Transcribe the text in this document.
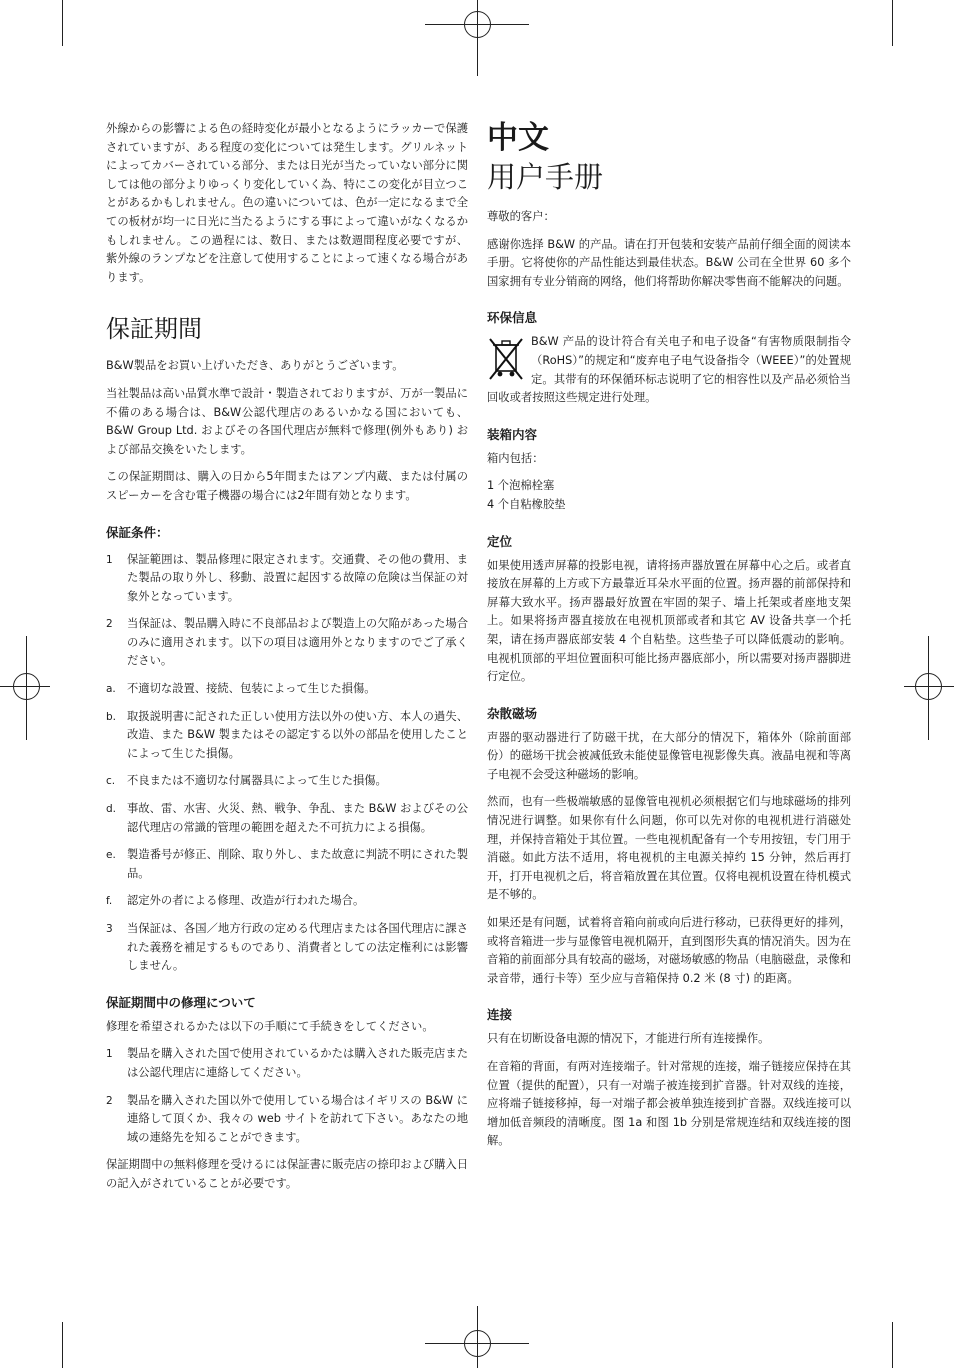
外線からの影響による色の経時変化が最小となるようにラッカーで保護されていますが、ある程度の変化については発生します。グリルネットによってカバーされている部分、または日光が当たっていない部分に関しては他の部分よりゆっくり変化していく為、特にこの変化が目立つことがあるかもしれません。色の違いについては、色が一定になるまで全ての板材が均一に日光に当たるようにする事によって違いがなくなるかもしれません。この過程には、数日、または数週間程度必要ですが、紫外線のランプなどを注意して使用することによって速くなる場合があります。

保証期間

B&W製品をお買い上げいただき、ありがとうございます。

当社製品は高い品質水準で設計・製造されておりますが、万が一製品に不備のある場合は、B&W公認代理店のあるいかなる国においても、B&W Group Ltd. およびその各国代理店が無料で修理(例外もあり) および部品交換をいたします。

この保証期間は、購入の日から5年間またはアンプ内蔵、または付属のスピーカーを含む電子機器の場合には2年間有効となります。

保証条件：
1	保証範囲は、製品修理に限定されます。交通費、その他の費用、また製品の取り外し、移動、設置に起因する故障の危険は当保証の対象外となっています。
2	当保証は、製品購入時に不良部品および製造上の欠陥があった場合のみに適用されます。以下の項目は適用外となりますのでご了承ください。
a. 不適切な設置、接続、包装によって生じた損傷。
b. 取扱説明書に記された正しい使用方法以外の使い方、本人の過失、改造、また B&W 製またはその認定する以外の部品を使用したことによって生じた損傷。
c.	不良または不適切な付属器具によって生じた損傷。
d. 事故、雷、水害、火災、熱、戦争、争乱、また B&W およびその公認代理店の常識的管理の範囲を超えた不可抗力による損傷。
e. 製造番号が修正、削除、取り外し、また故意に判読不明にされた製品。
f.	認定外の者による修理、改造が行われた場合。
3	当保証は、各国／地方行政の定める代理店または各国代理店に課された義務を補足するものであり、消費者としての法定権利には影響しません。
保証期間中の修理について

修理を希望されるかたは以下の手順にて手続きをしてください。

1	製品を購入された国で使用されているかたは購入された販売店または公認代理店に連絡してください。
2	製品を購入された国以外で使用している場合はイギリスの B&W に連絡して頂くか、我々の web サイトを訪れて下さい。あなたの地域の連絡先を知ることができます。

保証期間中の無料修理を受けるには保証書に販売店の捺印および購入日の記入がされていることが必要です。

中文
用户手册

尊敬的客户：

感谢你选择 B&W 的产品。请在打开包装和安装产品前仔细全面的阅读本手册。它将使你的产品性能达到最佳状态。B&W 公司在全世界 60 多个国家拥有专业分销商的网络，他们将帮助你解决零售商不能解决的问题。

环保信息

B&W 产品的设计符合有关电子和电子设备“有害物质限制指令（RoHS）”的规定和“废弃电子电气设备指令（WEEE）”的处置规定。其带有的环保循环标志说明了它的相容性以及产品必须恰当回收或者按照这些规定进行处理。

装箱内容

箱内包括：

1 个泡棉栓塞

4 个自粘橡胶垫

定位

如果使用透声屏幕的投影电视，请将扬声器放置在屏幕中心之后。或者直接放在屏幕的上方或下方最靠近耳朵水平面的位置。扬声器的前部保持和屏幕大致水平。扬声器最好放置在牢固的架子、墙上托架或者座地支架上。如果将扬声器直接放在电视机顶部或者和其它 AV 设备共享一个托架，请在扬声器底部安装 4 个自粘垫。这些垫子可以降低震动的影响。电视机顶部的平坦位置面积可能比扬声器底部小，所以需要对扬声器脚进行定位。

杂散磁场

声器的驱动器进行了防磁干扰，在大部分的情况下，箱体外（除前面部份）的磁场干扰会被减低致未能使显像管电视影像失真。液晶电视和等离子电视不会受这种磁场的影响。

然而，也有一些极端敏感的显像管电视机必须根据它们与地球磁场的排列情况进行调整。如果你有什么问题，你可以先对你的电视机进行消磁处理，并保持音箱处于其位置。一些电视机配备有一个专用按钮，专门用于消磁。如此方法不适用，将电视机的主电源关掉约 15 分钟，然后再打开，打开电视机之后，将音箱放置在其位置。仅将电视机设置在待机模式是不够的。

如果还是有问题，试着将音箱向前或向后进行移动，已获得更好的排列，或将音箱进一步与显像管电视机隔开，直到图形失真的情况消失。因为在音箱的前面部分具有较高的磁场，对磁场敏感的物品（电脑磁盘，录像和录音带，通行卡等）至少应与音箱保持 0.2 米 (8 寸) 的距离。

连接

只有在切断设备电源的情况下，才能进行所有连接操作。

在音箱的背面，有两对连接端子。针对常规的连接，端子链接应保持在其位置（提供的配置），只有一对端子被连接到扩音器。针对双线的连接，应将端子链接移掉，每一对端子都会被单独连接到扩音器。双线连接可以增加低音频段的清晰度。图 1a 和图 1b 分别是常规连结和双线连接的图解。
